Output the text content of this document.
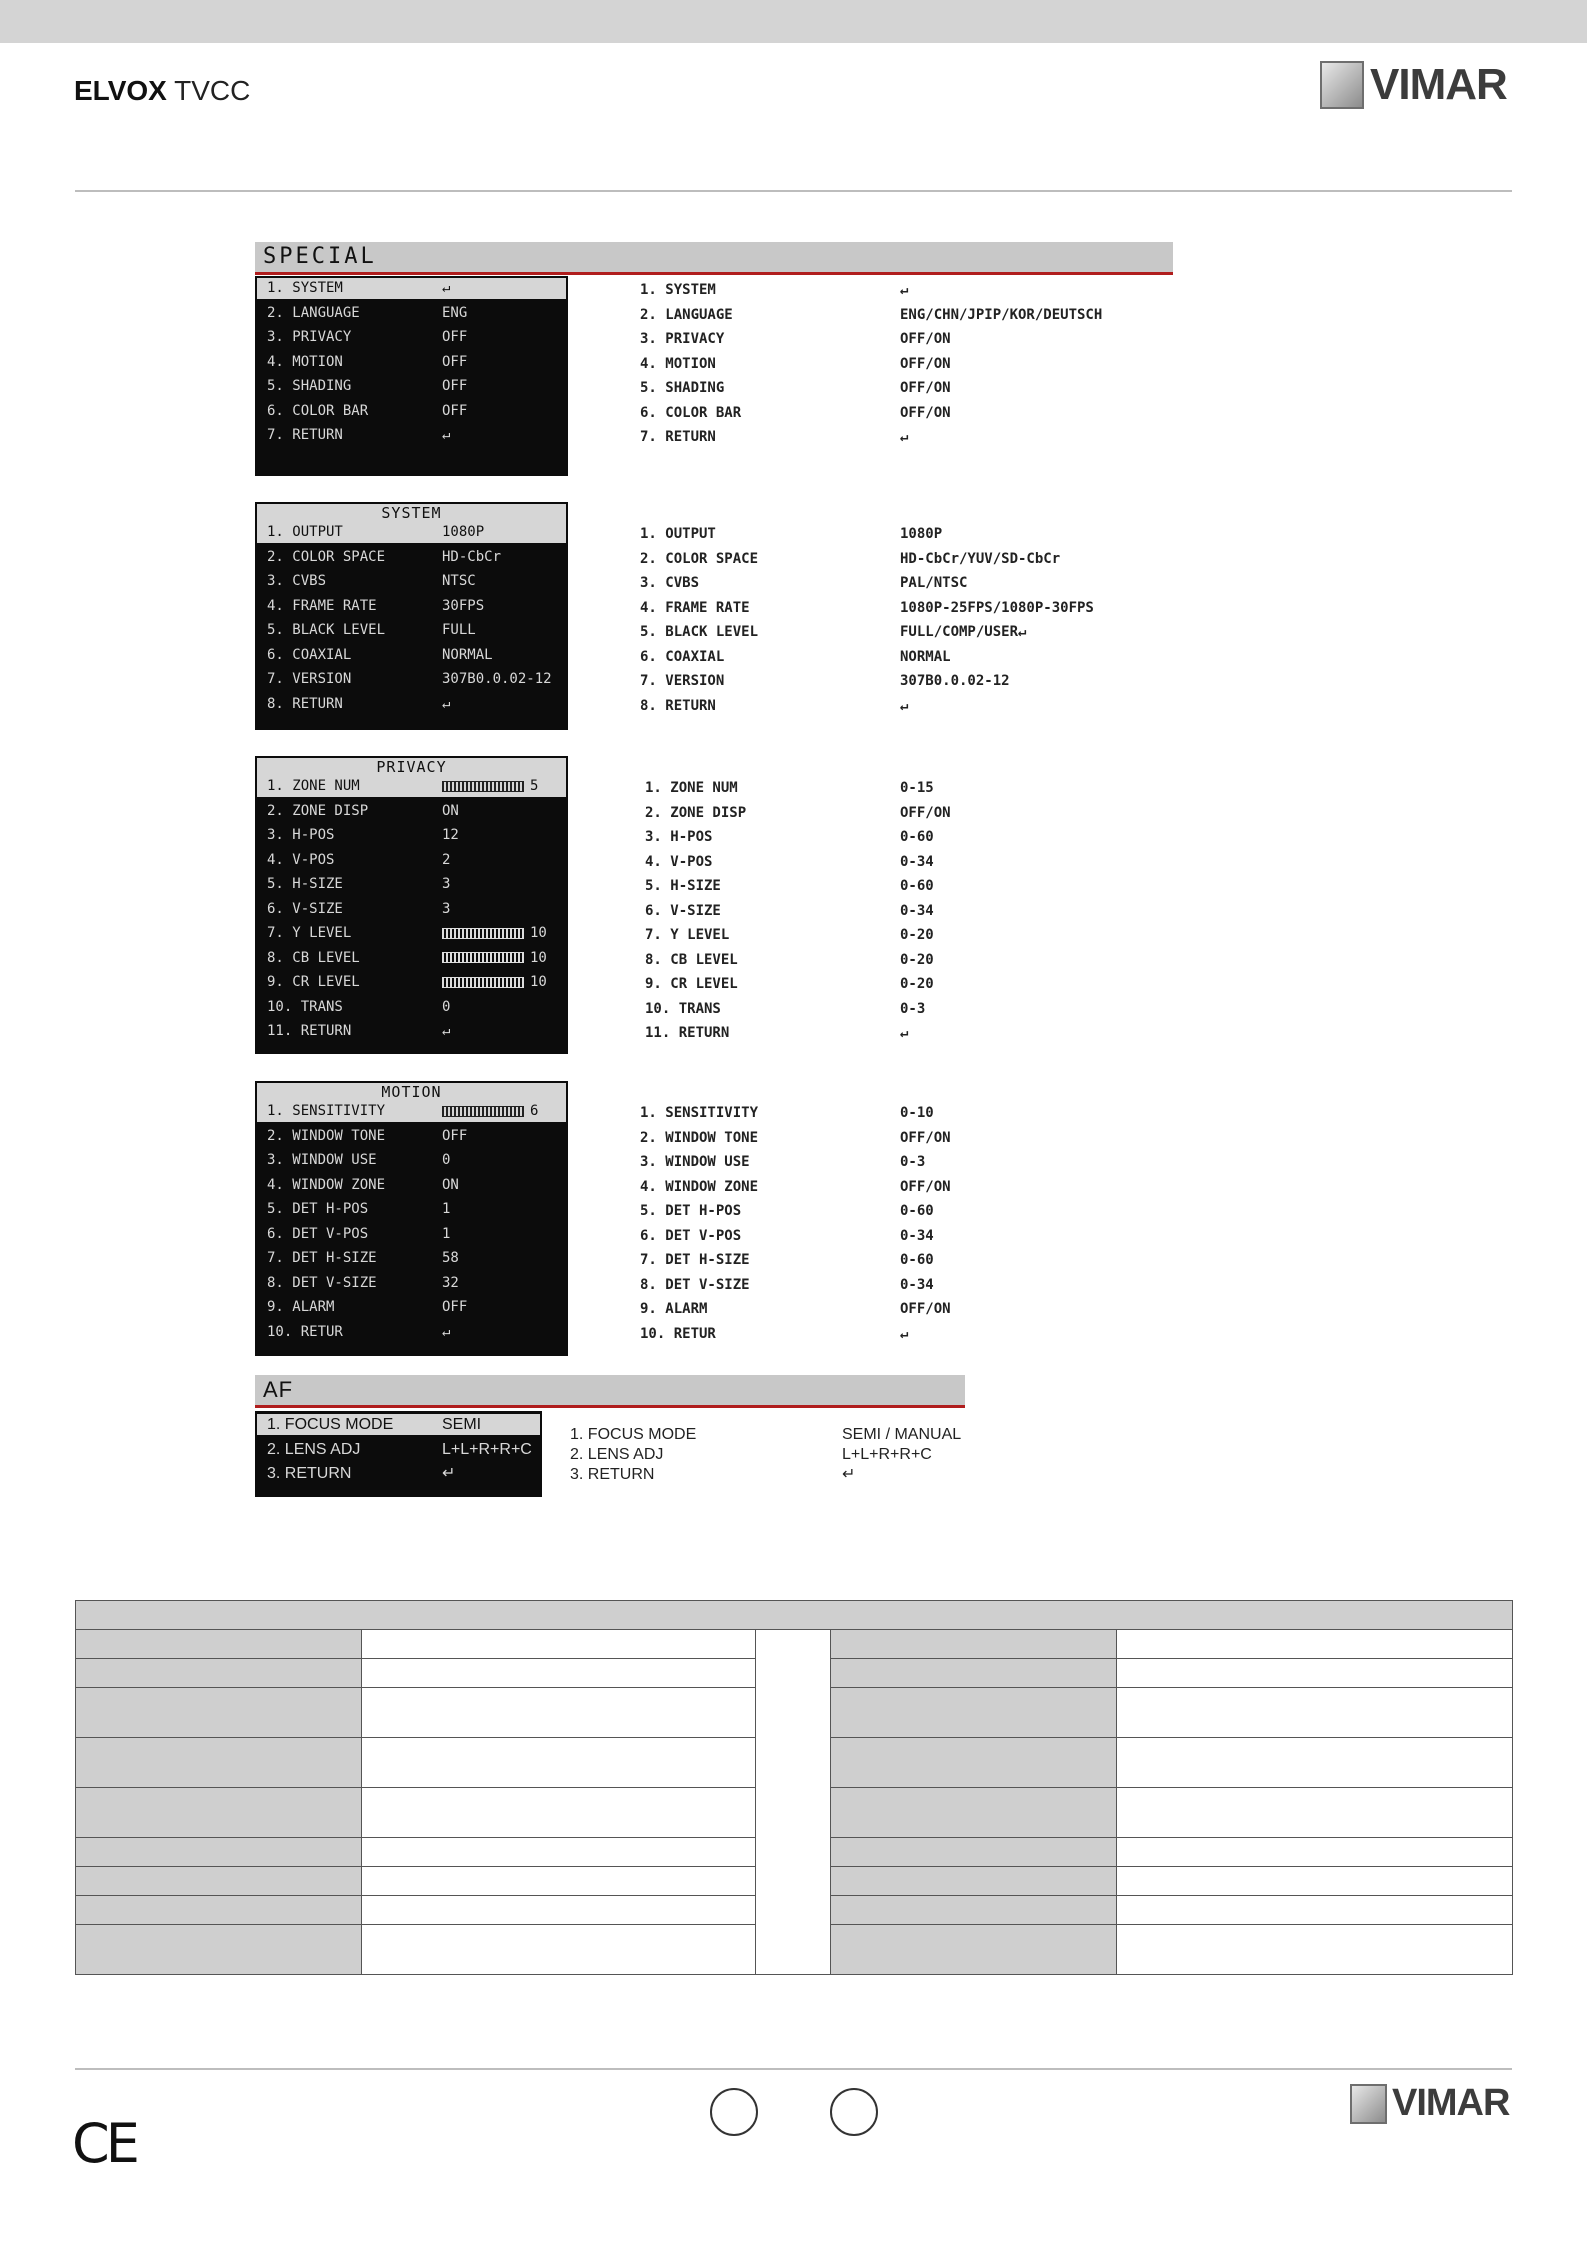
ELVOX TVCC	VIMAR
SPECIAL
1. SYSTEM	↵
2. LANGUAGE	ENG
3. PRIVACY	OFF
4. MOTION	OFF
5. SHADING	OFF
6. COLOR BAR	OFF
7. RETURN	↵
SYSTEM
1. OUTPUT	1080P
2. COLOR SPACE	HD-CbCr
3. CVBS	NTSC
4. FRAME RATE	30FPS
5. BLACK LEVEL	FULL
6. COAXIAL	NORMAL
7. VERSION	307B0.0.02-12
8. RETURN	↵
PRIVACY
1. ZONE NUM	5
2. ZONE DISP	ON
3. H-POS	12
4. V-POS	2
5. H-SIZE	3
6. V-SIZE	3
7. Y LEVEL	10
8. CB LEVEL	10
9. CR LEVEL	10
10. TRANS	0
11. RETURN	↵
MOTION
1. SENSITIVITY	6
2. WINDOW TONE	OFF
3. WINDOW USE	0
4. WINDOW ZONE	ON
5. DET H-POS	1
6. DET V-POS	1
7. DET H-SIZE	58
8. DET V-SIZE	32
9. ALARM	OFF
10. RETUR	↵
AF
1. FOCUS MODE	SEMI
2. LENS ADJ	L+L+R+R+C
3. RETURN	↵
1. SYSTEM	↵
2. LANGUAGE	ENG/CHN/JPIP/KOR/DEUTSCH
3. PRIVACY	OFF/ON
4. MOTION	OFF/ON
5. SHADING	OFF/ON
6. COLOR BAR	OFF/ON
7. RETURN	↵
1. OUTPUT	1080P
2. COLOR SPACE	HD-CbCr/YUV/SD-CbCr
3. CVBS	PAL/NTSC
4. FRAME RATE	1080P-25FPS/1080P-30FPS
5. BLACK LEVEL	FULL/COMP/USER↵
6. COAXIAL	NORMAL
7. VERSION	307B0.0.02-12
8. RETURN	↵
1. ZONE NUM	0-15
2. ZONE DISP	OFF/ON
3. H-POS	0-60
4. V-POS	0-34
5. H-SIZE	0-60
6. V-SIZE	0-34
7. Y LEVEL	0-20
8. CB LEVEL	0-20
9. CR LEVEL	0-20
10. TRANS	0-3
11. RETURN	↵
1. SENSITIVITY	0-10
2. WINDOW TONE	OFF/ON
3. WINDOW USE	0-3
4. WINDOW ZONE	OFF/ON
5. DET H-POS	0-60
6. DET V-POS	0-34
7. DET H-SIZE	0-60
8. DET V-SIZE	0-34
9. ALARM	OFF/ON
10. RETUR	↵
1. FOCUS MODE	SEMI / MANUAL
2. LENS ADJ	L+L+R+R+C
3. RETURN	↵

CE
VIMAR
